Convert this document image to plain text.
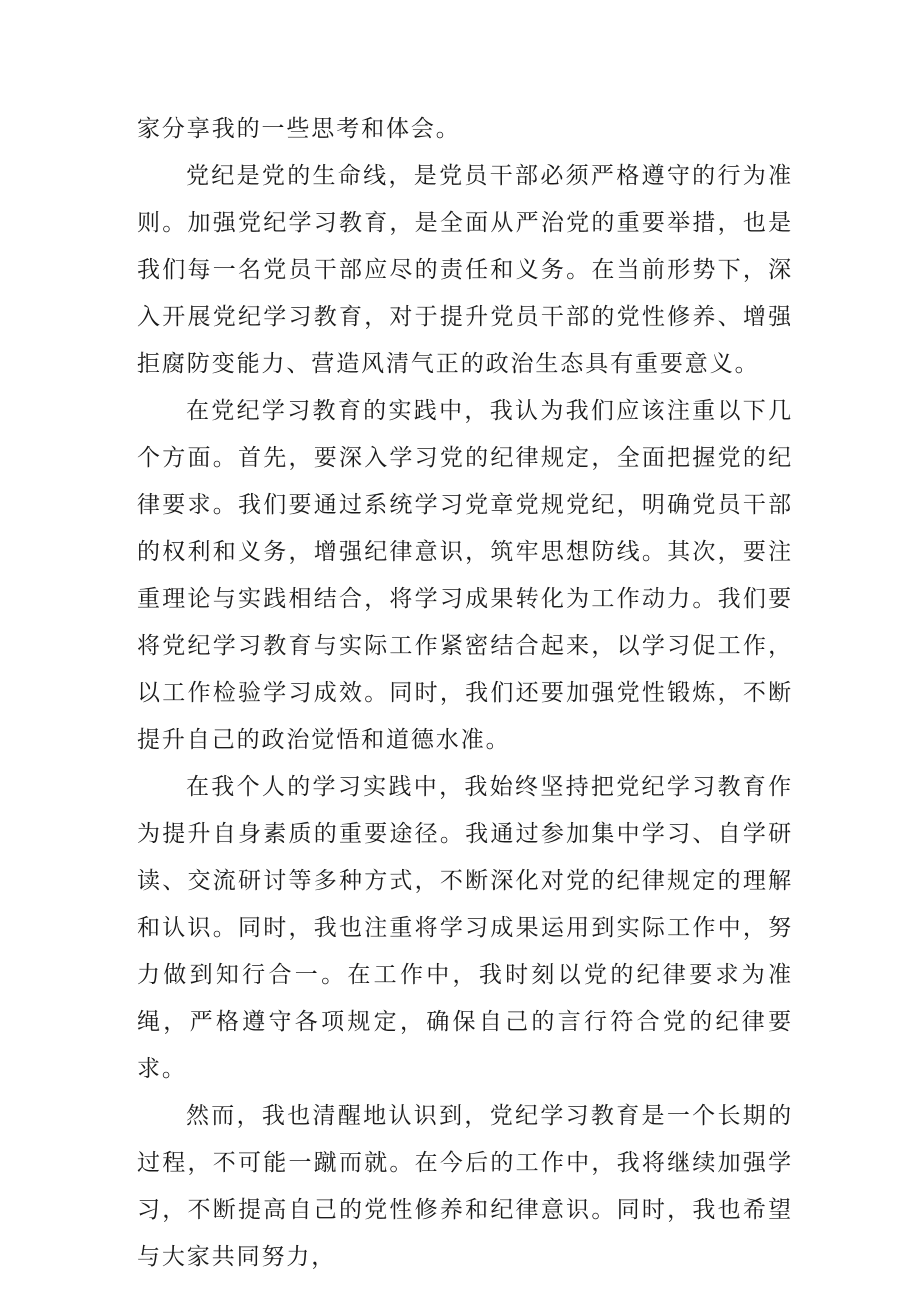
家分享我的一些思考和体会。

党纪是党的生命线，是党员干部必须严格遵守的行为准则。加强党纪学习教育，是全面从严治党的重要举措，也是我们每一名党员干部应尽的责任和义务。在当前形势下，深入开展党纪学习教育，对于提升党员干部的党性修养、增强拒腐防变能力、营造风清气正的政治生态具有重要意义。

在党纪学习教育的实践中，我认为我们应该注重以下几个方面。首先，要深入学习党的纪律规定，全面把握党的纪律要求。我们要通过系统学习党章党规党纪，明确党员干部的权利和义务，增强纪律意识，筑牢思想防线。其次，要注重理论与实践相结合，将学习成果转化为工作动力。我们要将党纪学习教育与实际工作紧密结合起来，以学习促工作，以工作检验学习成效。同时，我们还要加强党性锻炼，不断提升自己的政治觉悟和道德水准。

在我个人的学习实践中，我始终坚持把党纪学习教育作为提升自身素质的重要途径。我通过参加集中学习、自学研读、交流研讨等多种方式，不断深化对党的纪律规定的理解和认识。同时，我也注重将学习成果运用到实际工作中，努力做到知行合一。在工作中，我时刻以党的纪律要求为准绳，严格遵守各项规定，确保自己的言行符合党的纪律要求。

然而，我也清醒地认识到，党纪学习教育是一个长期的过程，不可能一蹴而就。在今后的工作中，我将继续加强学习，不断提高自己的党性修养和纪律意识。同时，我也希望与大家共同努力，
